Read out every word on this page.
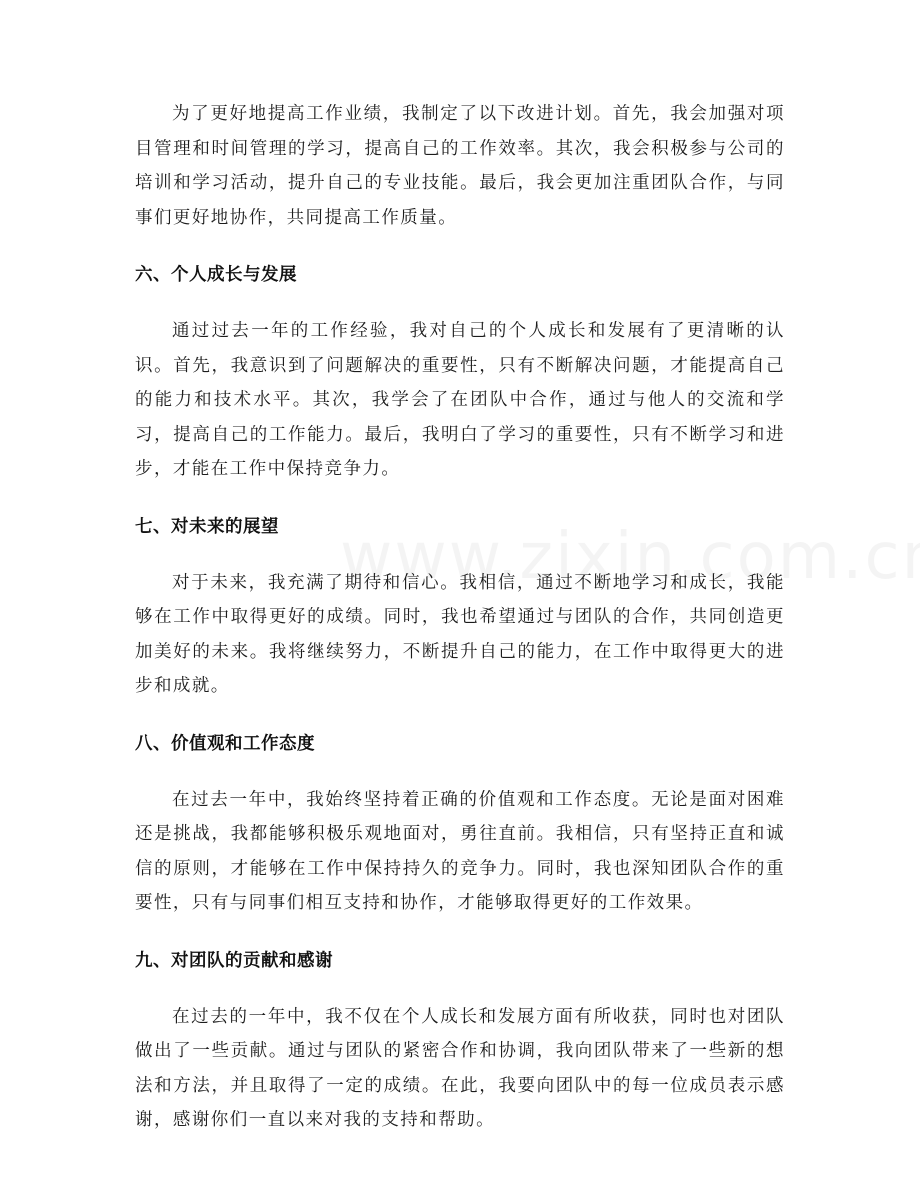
为了更好地提高工作业绩，我制定了以下改进计划。首先，我会加强对项目管理和时间管理的学习，提高自己的工作效率。其次，我会积极参与公司的培训和学习活动，提升自己的专业技能。最后，我会更加注重团队合作，与同事们更好地协作，共同提高工作质量。

六、个人成长与发展

通过过去一年的工作经验，我对自己的个人成长和发展有了更清晰的认识。首先，我意识到了问题解决的重要性，只有不断解决问题，才能提高自己的能力和技术水平。其次，我学会了在团队中合作，通过与他人的交流和学习，提高自己的工作能力。最后，我明白了学习的重要性，只有不断学习和进步，才能在工作中保持竞争力。

七、对未来的展望

对于未来，我充满了期待和信心。我相信，通过不断地学习和成长，我能够在工作中取得更好的成绩。同时，我也希望通过与团队的合作，共同创造更加美好的未来。我将继续努力，不断提升自己的能力，在工作中取得更大的进步和成就。

八、价值观和工作态度

在过去一年中，我始终坚持着正确的价值观和工作态度。无论是面对困难还是挑战，我都能够积极乐观地面对，勇往直前。我相信，只有坚持正直和诚信的原则，才能够在工作中保持持久的竞争力。同时，我也深知团队合作的重要性，只有与同事们相互支持和协作，才能够取得更好的工作效果。

九、对团队的贡献和感谢

在过去的一年中，我不仅在个人成长和发展方面有所收获，同时也对团队做出了一些贡献。通过与团队的紧密合作和协调，我向团队带来了一些新的想法和方法，并且取得了一定的成绩。在此，我要向团队中的每一位成员表示感谢，感谢你们一直以来对我的支持和帮助。
